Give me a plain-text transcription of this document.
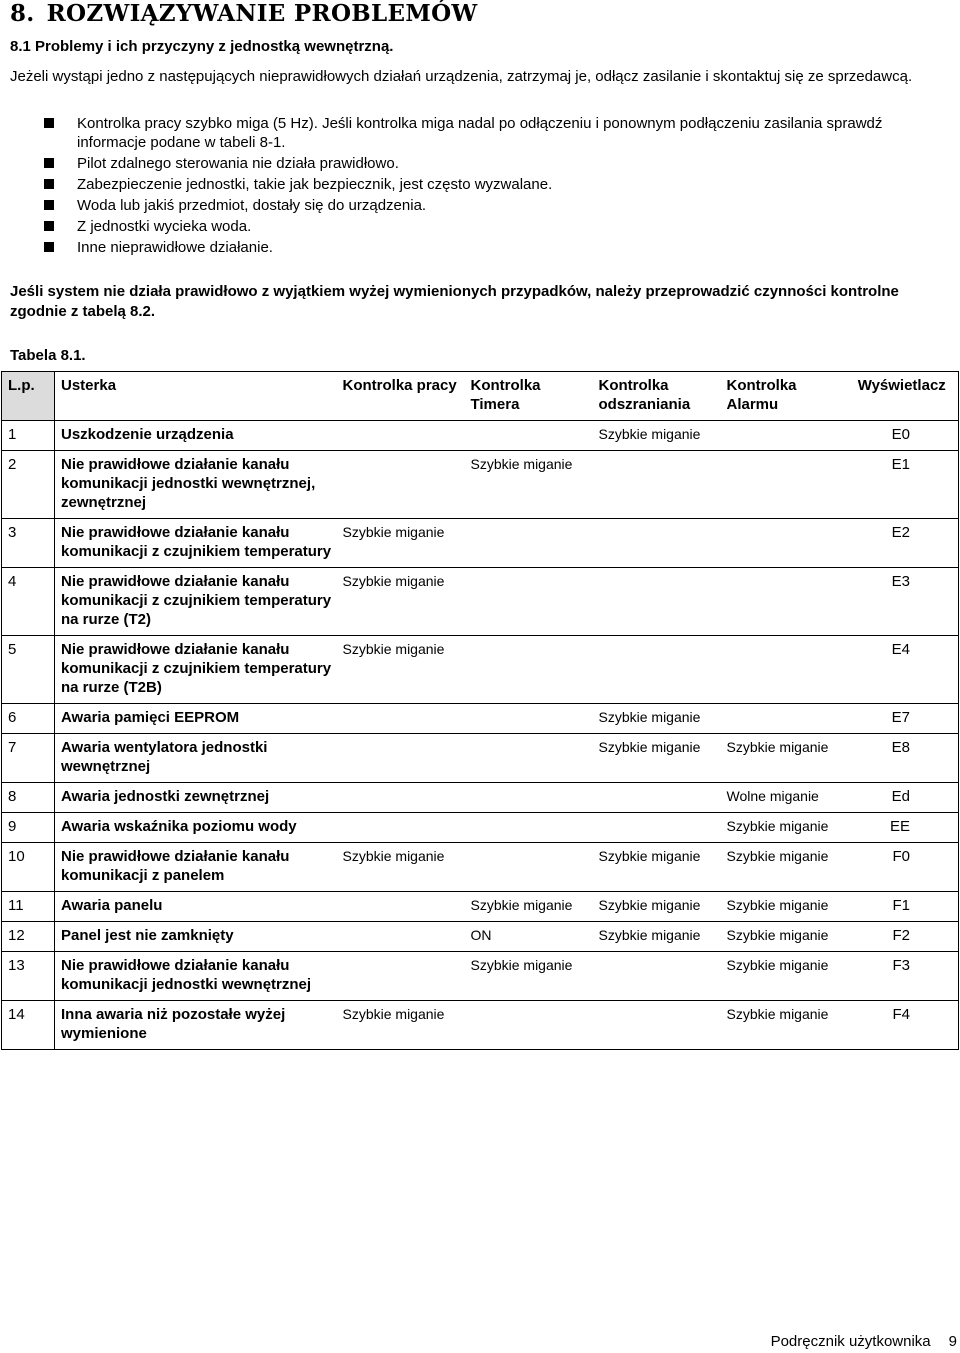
8. ROZWIĄZYWANIE PROBLEMÓW
8.1 Problemy i ich przyczyny z jednostką wewnętrzną.

Jeżeli wystąpi jedno z następujących nieprawidłowych działań urządzenia, zatrzymaj je, odłącz zasilanie i skontaktuj się ze sprzedawcą.

Kontrolka pracy szybko miga (5 Hz). Jeśli kontrolka miga nadal po odłączeniu i ponownym podłączeniu zasilania sprawdź informacje podane w tabeli 8-1.
Pilot zdalnego sterowania nie działa prawidłowo.
Zabezpieczenie jednostki, takie jak bezpiecznik, jest często wyzwalane.
Woda lub jakiś przedmiot, dostały się do urządzenia.
Z jednostki wycieka woda.
Inne nieprawidłowe działanie.

Jeśli system nie działa prawidłowo z wyjątkiem wyżej wymienionych przypadków, należy przeprowadzić czynności kontrolne zgodnie z tabelą 8.2.

Tabela 8.1.

L.p.	Usterka	Kontrolka pracy	Kontrolka Timera	Kontrolka odszraniania	Kontrolka Alarmu	Wyświetlacz
1	Uszkodzenie urządzenia			Szybkie miganie		E0
2	Nie prawidłowe działanie kanału komunikacji jednostki wewnętrznej, zewnętrznej		Szybkie miganie			E1
3	Nie prawidłowe działanie kanału komunikacji z czujnikiem temperatury	Szybkie miganie				E2
4	Nie prawidłowe działanie kanału komunikacji z czujnikiem temperatury na rurze (T2)	Szybkie miganie				E3
5	Nie prawidłowe działanie kanału komunikacji z czujnikiem temperatury na rurze (T2B)	Szybkie miganie				E4
6	Awaria pamięci EEPROM			Szybkie miganie		E7
7	Awaria wentylatora jednostki wewnętrznej			Szybkie miganie	Szybkie miganie	E8
8	Awaria jednostki zewnętrznej				Wolne miganie	Ed
9	Awaria wskaźnika poziomu wody				Szybkie miganie	EE
10	Nie prawidłowe działanie kanału komunikacji z panelem	Szybkie miganie		Szybkie miganie	Szybkie miganie	F0
11	Awaria panelu		Szybkie miganie	Szybkie miganie	Szybkie miganie	F1
12	Panel jest nie zamknięty		ON	Szybkie miganie	Szybkie miganie	F2
13	Nie prawidłowe działanie kanału komunikacji jednostki wewnętrznej		Szybkie miganie		Szybkie miganie	F3
14	Inna awaria niż pozostałe wyżej wymienione	Szybkie miganie			Szybkie miganie	F4
Podręcznik użytkownika 9
